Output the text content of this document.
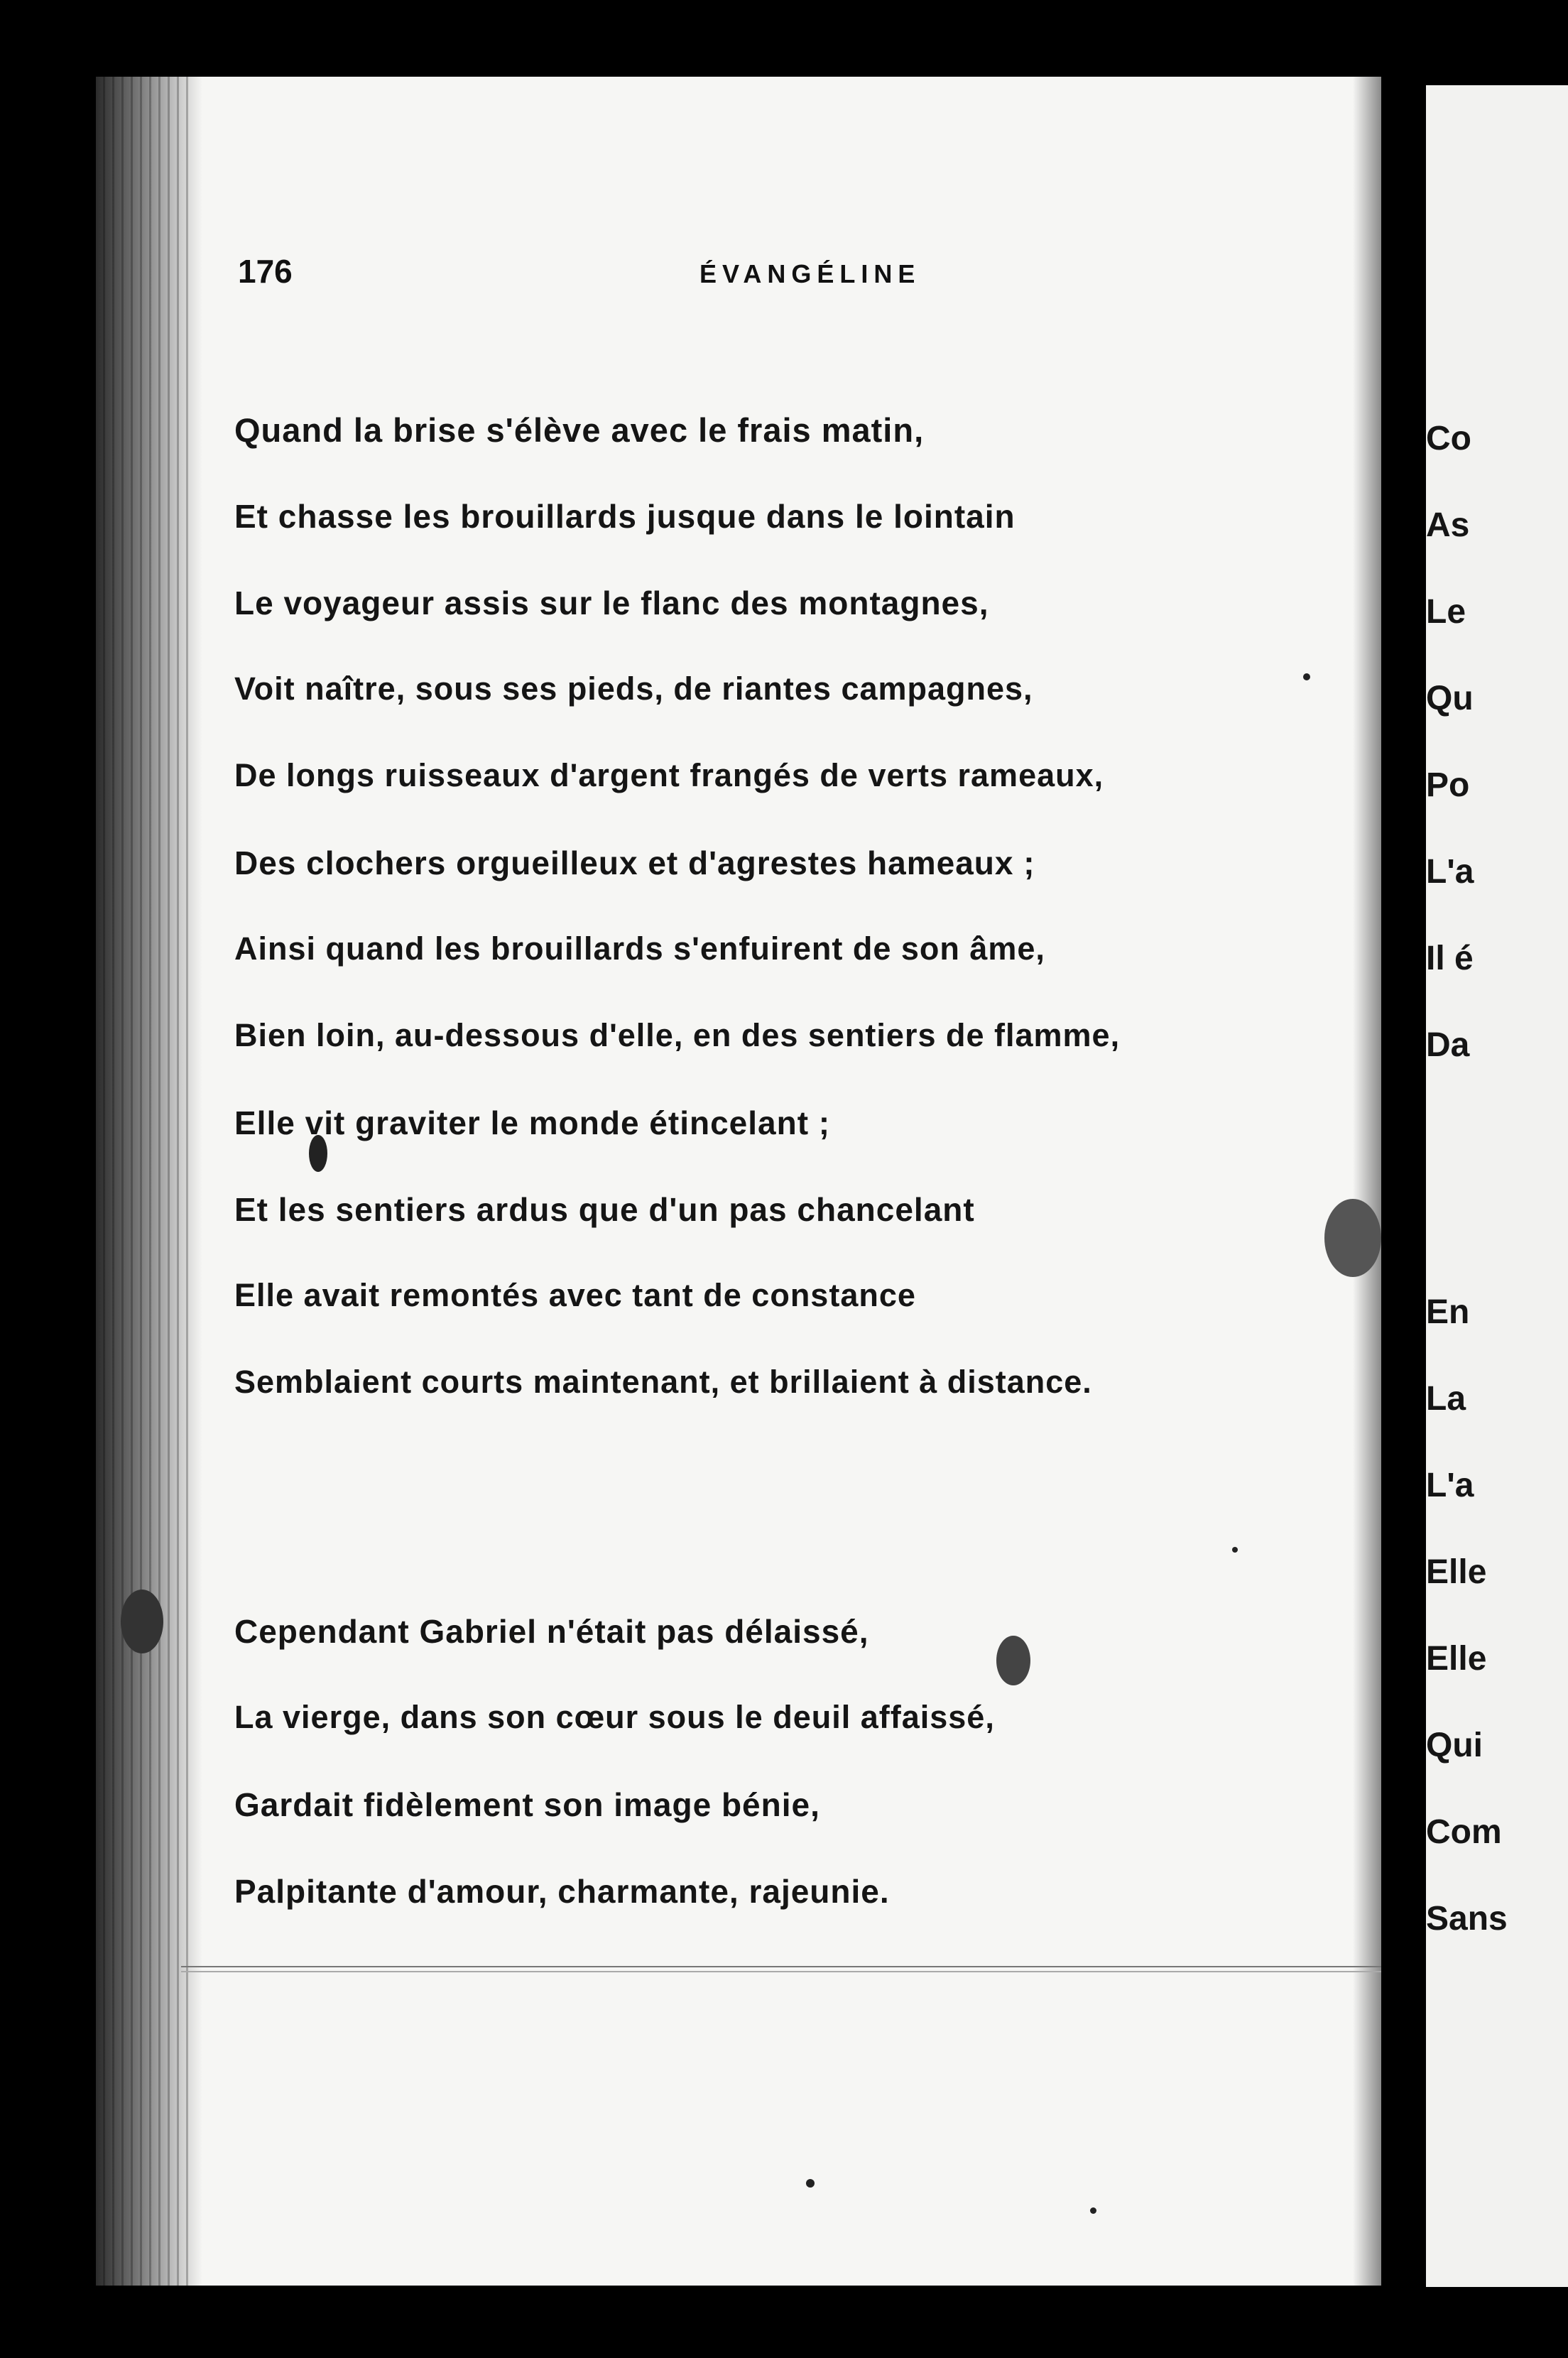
176	ÉVANGÉLINE
Quand la brise s'élève avec le frais matin,
Et chasse les brouillards jusque dans le lointain
Le voyageur assis sur le flanc des montagnes,
Voit naître, sous ses pieds, de riantes campagnes,
De longs ruisseaux d'argent frangés de verts rameaux,
Des clochers orgueilleux et d'agrestes hameaux ;
Ainsi quand les brouillards s'enfuirent de son âme,
Bien loin, au-dessous d'elle, en des sentiers de flamme,
Elle vit graviter le monde étincelant ;
Et les sentiers ardus que d'un pas chancelant
Elle avait remontés avec tant de constance
Semblaient courts maintenant, et brillaient à distance.
Cependant Gabriel n'était pas délaissé,
La vierge, dans son cœur sous le deuil affaissé,
Gardait fidèlement son image bénie,
Palpitante d'amour, charmante, rajeunie.
Co
As
Le
Qu
Po
L'a
Il é
Da
En
La
L'a
Elle
Elle
Qui
Com
Sans
